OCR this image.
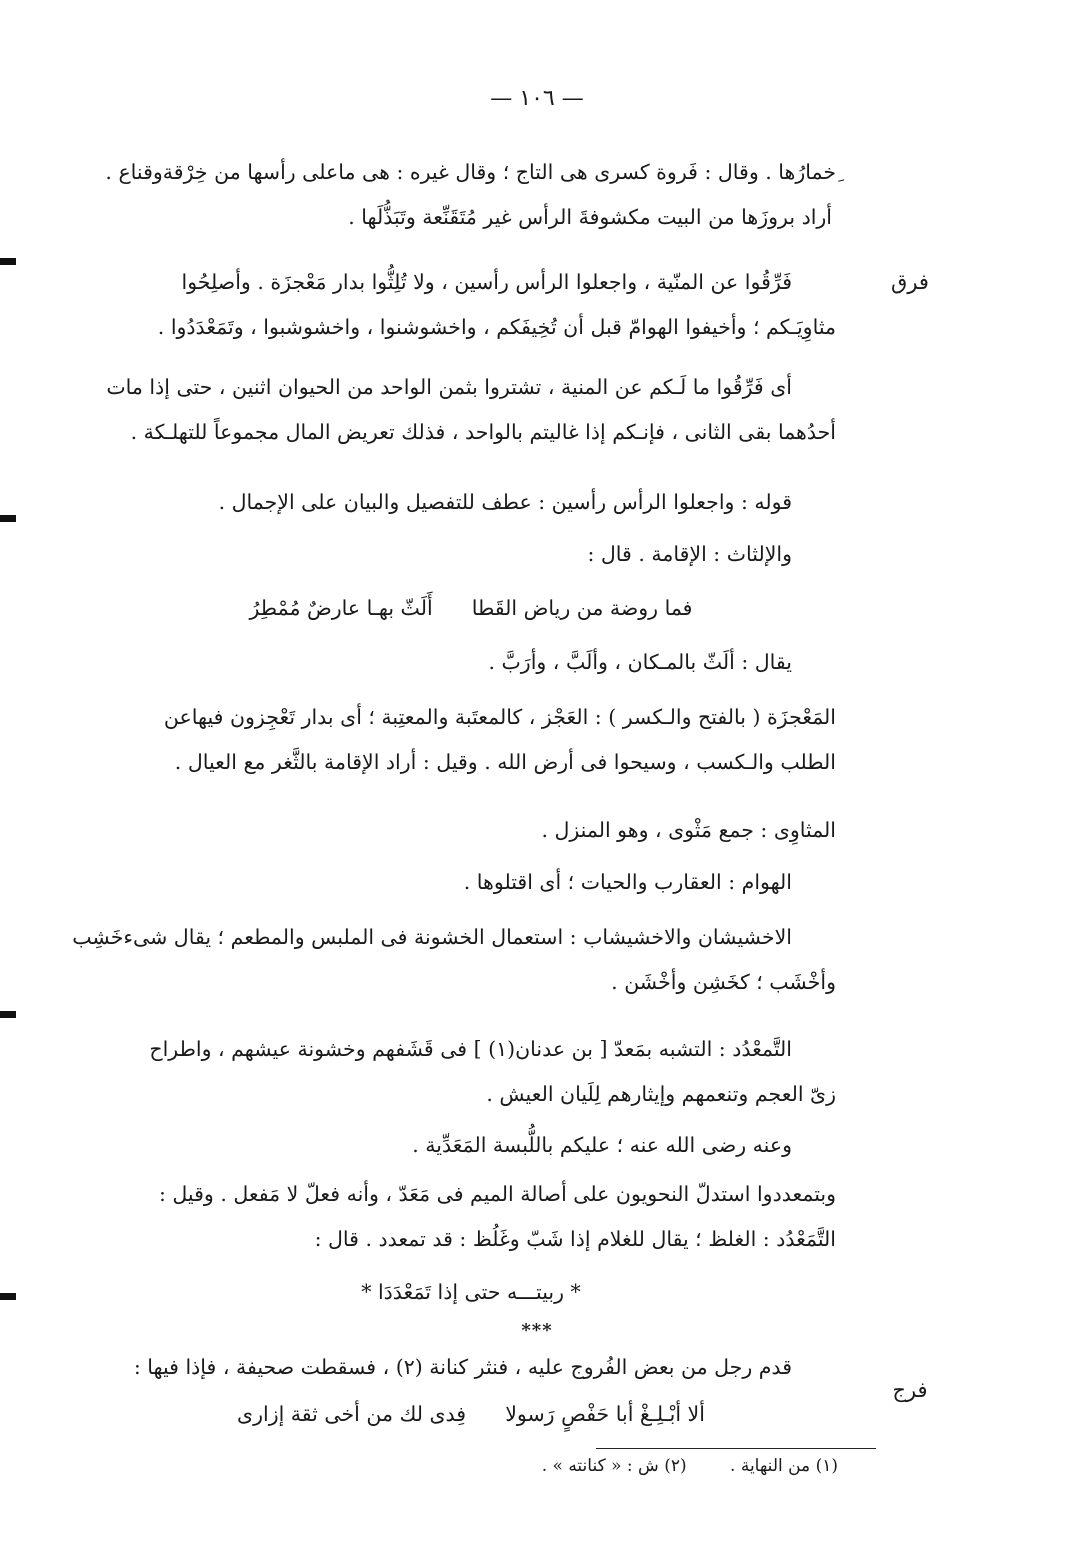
— ١٠٦ —
ِخمارُها . وقال : فَروة كسرى هى التاج ؛ وقال غيره : هى ماعلى رأسها من خِرْقةوقناع .
أراد بروزَها من البيت مكشوفةَ الرأس غير مُتَقَنِّعة وتَبَذُّلَها .
فرق
فَرِّقُوا عن المنّية ، واجعلوا الرأس رأسين ، ولا تُلِثُّوا بدار مَعْجزَة . وأصلِحُوا
مثاوِيَـكم ؛ وأخيفوا الهوامّ قبل أن تُخِيفَكم ، واخشوشنوا ، واخشوشبوا ، وتَمَعْدَدُوا .
أى فَرِّقُوا ما لَـكم عن المنية ، تشتروا بثمن الواحد من الحيوان اثنين ، حتى إذا مات
أحدُهما بقى الثانى ، فإنـكم إذا غاليتم بالواحد ، فذلك تعريض المال مجموعاً للتهلـكة .
قوله : واجعلوا الرأس رأسين : عطف للتفصيل والبيان على الإجمال .
والإلثاث : الإقامة . قال :
فما روضة من رياض القَطا      أَلَثّ بهـا عارضٌ مُمْطِرُ
يقال : ألَثّ بالمـكان ، وألَبَّ ، وأرَبَّ .
المَعْجزَة ( بالفتح والـكسر ) : العَجْز ، كالمعتَبة والمعتِبة ؛ أى بدار تَعْجِزون فيهاعن
الطلب والـكسب ، وسيحوا فى أرض الله . وقيل : أراد الإقامة بالثَّغر مع العيال .
المثاوِى : جمع مَثْوى ، وهو المنزل .
الهوام : العقارب والحيات ؛ أى اقتلوها .
الاخشيشان والاخشيشاب : استعمال الخشونة فى الملبس والمطعم ؛ يقال شىءخَشِب
وأخْشَب ؛ كخَشِن وأخْشَن .
التَّمعْدُد : التشبه بمَعدّ [ بن عدنان(١) ] فى قَشَفهم وخشونة عيشهم ، واطراح
زىّ العجم وتنعمهم وإيثارهم لِلَيان العيش .
وعنه رضى الله عنه ؛ عليكم باللُّبسة المَعَدِّية .
وبتمعددوا استدلّ النحويون على أصالة الميم فى مَعَدّ ، وأنه فعلّ لا مَفعل . وقيل :
التَّمَعْدُد : الغلظ ؛ يقال للغلام إذا شَبّ وغَلُظ : قد تمعدد . قال :
* ربيتـــه حتى إذا تَمَعْدَدَا *
***
فرج
قدم رجل من بعض الفُروج عليه ، فنثر كنانة (٢) ، فسقطت صحيفة ، فإذا فيها :
ألا أبْـلِـغْ أبا حَفْصٍ رَسولا      فِدى لك من أخى ثقة إزارى
(١) من النهاية . (٢) ش : « كنانته » .
